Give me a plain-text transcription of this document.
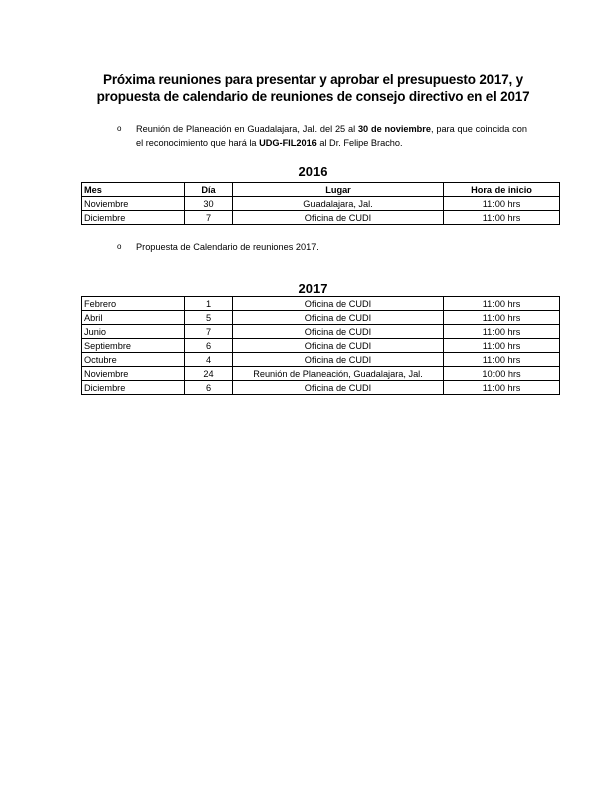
Próxima reuniones para presentar y aprobar el presupuesto 2017, y
propuesta de calendario de reuniones de consejo directivo en el 2017
o Reunión de Planeación en Guadalajara, Jal. del 25 al 30 de noviembre, para que coincida con el reconocimiento que hará la UDG-FIL2016 al Dr. Felipe Bracho.
2016
Mes	Día	Lugar	Hora de inicio
Noviembre	30	Guadalajara, Jal.	11:00 hrs
Diciembre	7	Oficina de CUDI	11:00 hrs
o Propuesta de Calendario de reuniones 2017.
2017
Febrero	1	Oficina de CUDI	11:00 hrs
Abril	5	Oficina de CUDI	11:00 hrs
Junio	7	Oficina de CUDI	11:00 hrs
Septiembre	6	Oficina de CUDI	11:00 hrs
Octubre	4	Oficina de CUDI	11:00 hrs
Noviembre	24	Reunión de Planeación, Guadalajara, Jal.	10:00 hrs
Diciembre	6	Oficina de CUDI	11:00 hrs
